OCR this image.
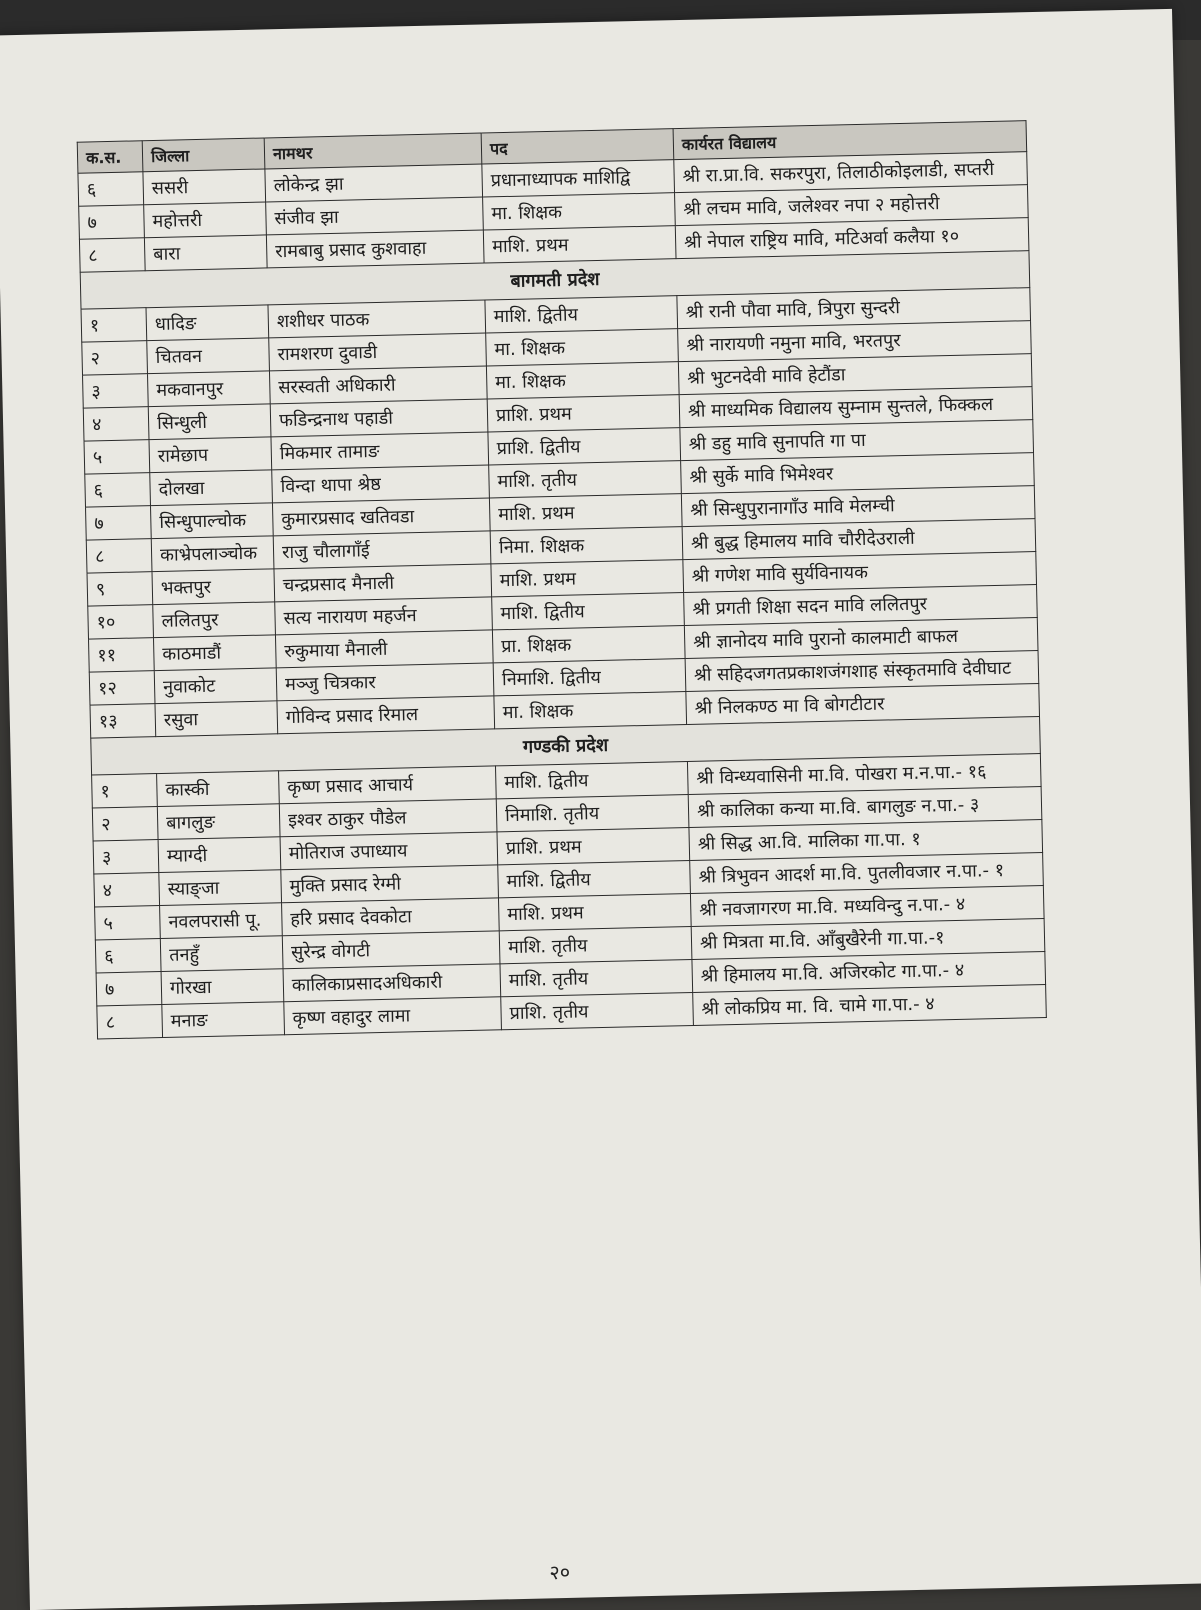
क.स.	जिल्ला	नामथर	पद	कार्यरत विद्यालय
६	ससरी	लोकेन्द्र झा	प्रधानाध्यापक माशिद्वि	श्री रा.प्रा.वि. सकरपुरा, तिलाठीकोइलाडी, सप्तरी
७	महोत्तरी	संजीव झा	मा. शिक्षक	श्री लचम मावि, जलेश्वर नपा २ महोत्तरी
८	बारा	रामबाबु प्रसाद कुशवाहा	माशि. प्रथम	श्री नेपाल राष्ट्रिय मावि, मटिअर्वा कलैया १०
बागमती प्रदेश				
१	धादिङ	शशीधर पाठक	माशि. द्वितीय	श्री रानी पौवा मावि, त्रिपुरा सुन्दरी
२	चितवन	रामशरण दुवाडी	मा. शिक्षक	श्री नारायणी नमुना मावि, भरतपुर
३	मकवानपुर	सरस्वती अधिकारी	मा. शिक्षक	श्री भुटनदेवी मावि हेटौंडा
४	सिन्धुली	फडिन्द्रनाथ पहाडी	प्राशि. प्रथम	श्री माध्यमिक विद्यालय सुम्नाम सुन्तले, फिक्कल
५	रामेछाप	मिकमार तामाङ	प्राशि. द्वितीय	श्री डहु मावि सुनापति गा पा
६	दोलखा	विन्दा थापा श्रेष्ठ	माशि. तृतीय	श्री सुर्के मावि भिमेश्वर
७	सिन्धुपाल्चोक	कुमारप्रसाद खतिवडा	माशि. प्रथम	श्री सिन्धुपुरानागाँउ मावि मेलम्ची
८	काभ्रेपलाञ्चोक	राजु चौलागाँई	निमा. शिक्षक	श्री बुद्ध हिमालय मावि चौरीदेउराली
९	भक्तपुर	चन्द्रप्रसाद मैनाली	माशि. प्रथम	श्री गणेश मावि सुर्यविनायक
१०	ललितपुर	सत्य नारायण महर्जन	माशि. द्वितीय	श्री प्रगती शिक्षा सदन मावि ललितपुर
११	काठमाडौं	रुकुमाया मैनाली	प्रा. शिक्षक	श्री ज्ञानोदय मावि पुरानो कालमाटी बाफल
१२	नुवाकोट	मञ्जु चित्रकार	निमाशि. द्वितीय	श्री सहिदजगतप्रकाशजंगशाह संस्कृतमावि देवीघाट
१३	रसुवा	गोविन्द प्रसाद रिमाल	मा. शिक्षक	श्री निलकण्ठ मा वि बोगटीटार
गण्डकी प्रदेश				
१	कास्की	कृष्ण प्रसाद आचार्य	माशि. द्वितीय	श्री विन्ध्यवासिनी मा.वि. पोखरा म.न.पा.- १६
२	बागलुङ	इश्वर ठाकुर पौडेल	निमाशि. तृतीय	श्री कालिका कन्या मा.वि. बागलुङ न.पा.- ३
३	म्याग्दी	मोतिराज उपाध्याय	प्राशि. प्रथम	श्री सिद्ध आ.वि. मालिका गा.पा. १
४	स्याङ्जा	मुक्ति प्रसाद रेग्मी	माशि. द्वितीय	श्री त्रिभुवन आदर्श मा.वि. पुतलीवजार न.पा.- १
५	नवलपरासी पू.	हरि प्रसाद देवकोटा	माशि. प्रथम	श्री नवजागरण मा.वि. मध्यविन्दु न.पा.- ४
६	तनहुँ	सुरेन्द्र वोगटी	माशि. तृतीय	श्री मित्रता मा.वि. आँबुखैरेनी गा.पा.-१
७	गोरखा	कालिकाप्रसादअधिकारी	माशि. तृतीय	श्री हिमालय मा.वि. अजिरकोट गा.पा.- ४
८	मनाङ	कृष्ण वहादुर लामा	प्राशि. तृतीय	श्री लोकप्रिय मा. वि. चामे गा.पा.- ४
२०
